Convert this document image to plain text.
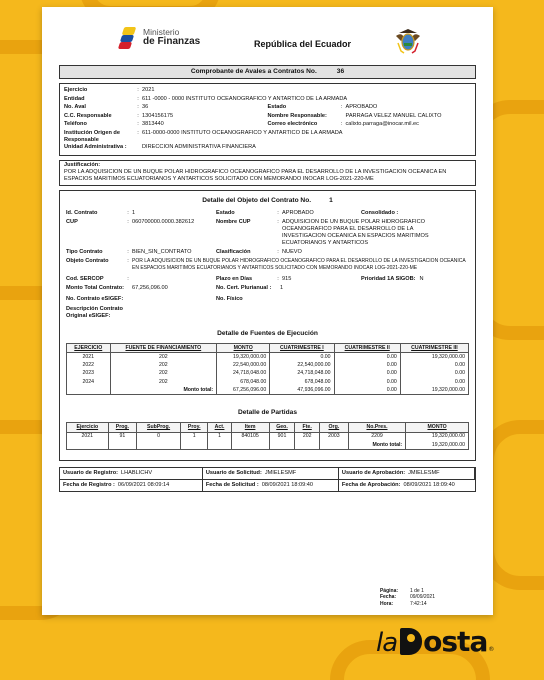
Ministerio
de Finanzas	República del Ecuador
Comprobante de Avales a Contratos No.	36
Ejercicio	: 2021
Entidad	: 611 -0000 - 0000 INSTITUTO OCEANOGRAFICO Y ANTARTICO DE LA ARMADA
No. Aval	: 36	Estado	: APROBADO
C.C. Responsable	: 1304156175	Nombre Responsable:	PARRAGA VELEZ MANUEL CALIXTO
Teléfono	: 3813440	Correo electrónico	: calixto.parraga@inocar.mil.ec
Institución Origen de Responsable
: 611-0000-0000 INSTITUTO OCEANOGRAFICO Y ANTARTICO DE LA ARMADA
Unidad Administrativa :	DIRECCION ADMINISTRATIVA FINANCIERA
Justificación:
POR LA ADQUISICION DE UN BUQUE POLAR HIDROGRAFICO OCEANOGRAFICO PARA EL DESARROLLO DE LA INVESTIGACION OCEANICA EN ESPACIOS MARITIMOS ECUATORIANOS Y ANTARTICOS SOLICITADO CON MEMORANDO INOCAR LOG-2021-220-ME
Detalle del Objeto del Contrato No.	1
Id. Contrato	: 1	Estado	: APROBADO	Consolidado :
CUP	: 060700000.0000.382612	Nombre CUP	: ADQUISICION DE UN BUQUE POLAR HIDROGRAFICO OCEANOGRAFICO PARA EL DESARROLLO DE LA INVESTIGACION OCEANICA EN ESPACIOS MARITIMOS ECUATORIANOS Y ANTARTICOS
Tipo Contrato	: BIEN_SIN_CONTRATO	Clasificación	: NUEVO
Objeto Contrato	: POR LA ADQUISICION DE UN BUQUE POLAR HIDROGRAFICO OCEANOGRAFICO PARA EL DESARROLLO DE LA INVESTIGACION OCEANICA EN ESPACIOS MARITIMOS ECUATORIANOS Y ANTARTICOS SOLICITADO CON MEMORANDO INOCAR LOG-2021-220-ME
Cod. SERCOP	:	Plazo en Días	: 915	Prioridad 1A SIGOB: N
Monto Total Contrato:	67,256,096.00	No. Cert. Plurianual :	1
No. Contrato eSIGEF:	No. Físico
Descripción Contrato Original eSIGEF:
Detalle de Fuentes de Ejecución
EJERCICIO	FUENTE DE FINANCIAMIENTO	MONTO	CUATRIMESTRE I	CUATRIMESTRE II	CUATRIMESTRE III
2021	202	19,320,000.00	0.00	0.00	19,320,000.00
2022	202	22,540,000.00	22,540,000.00	0.00	0.00
2023	202	24,718,048.00	24,718,048.00	0.00	0.00
2024	202	678,048.00	678,048.00	0.00	0.00
	Monto total:	67,256,096.00	47,936,096.00	0.00	19,320,000.00
Detalle de Partidas
Ejercicio	Prog.	SubProg.	Proy.	Act.	Item	Geo.	Fte.	Org.	No.Pres.	MONTO
2021	91	0	1	1	840105	901	202	2003	2209	19,320,000.00
									Monto total:	19,320,000.00
Usuario de Registro: LHABLICHV	Usuario de Solicitud: JMIELESMF	Usuario de Aprobación: JMIELESMF
Fecha de Registro : 06/09/2021 08:09:14	Fecha de Solicitud : 08/09/2021 18:09:40	Fecha de Aprobación: 08/09/2021 18:09:40
Página:	1 de 1
Fecha:	09/09/2021
Hora:	7:42:14
la osta ®
